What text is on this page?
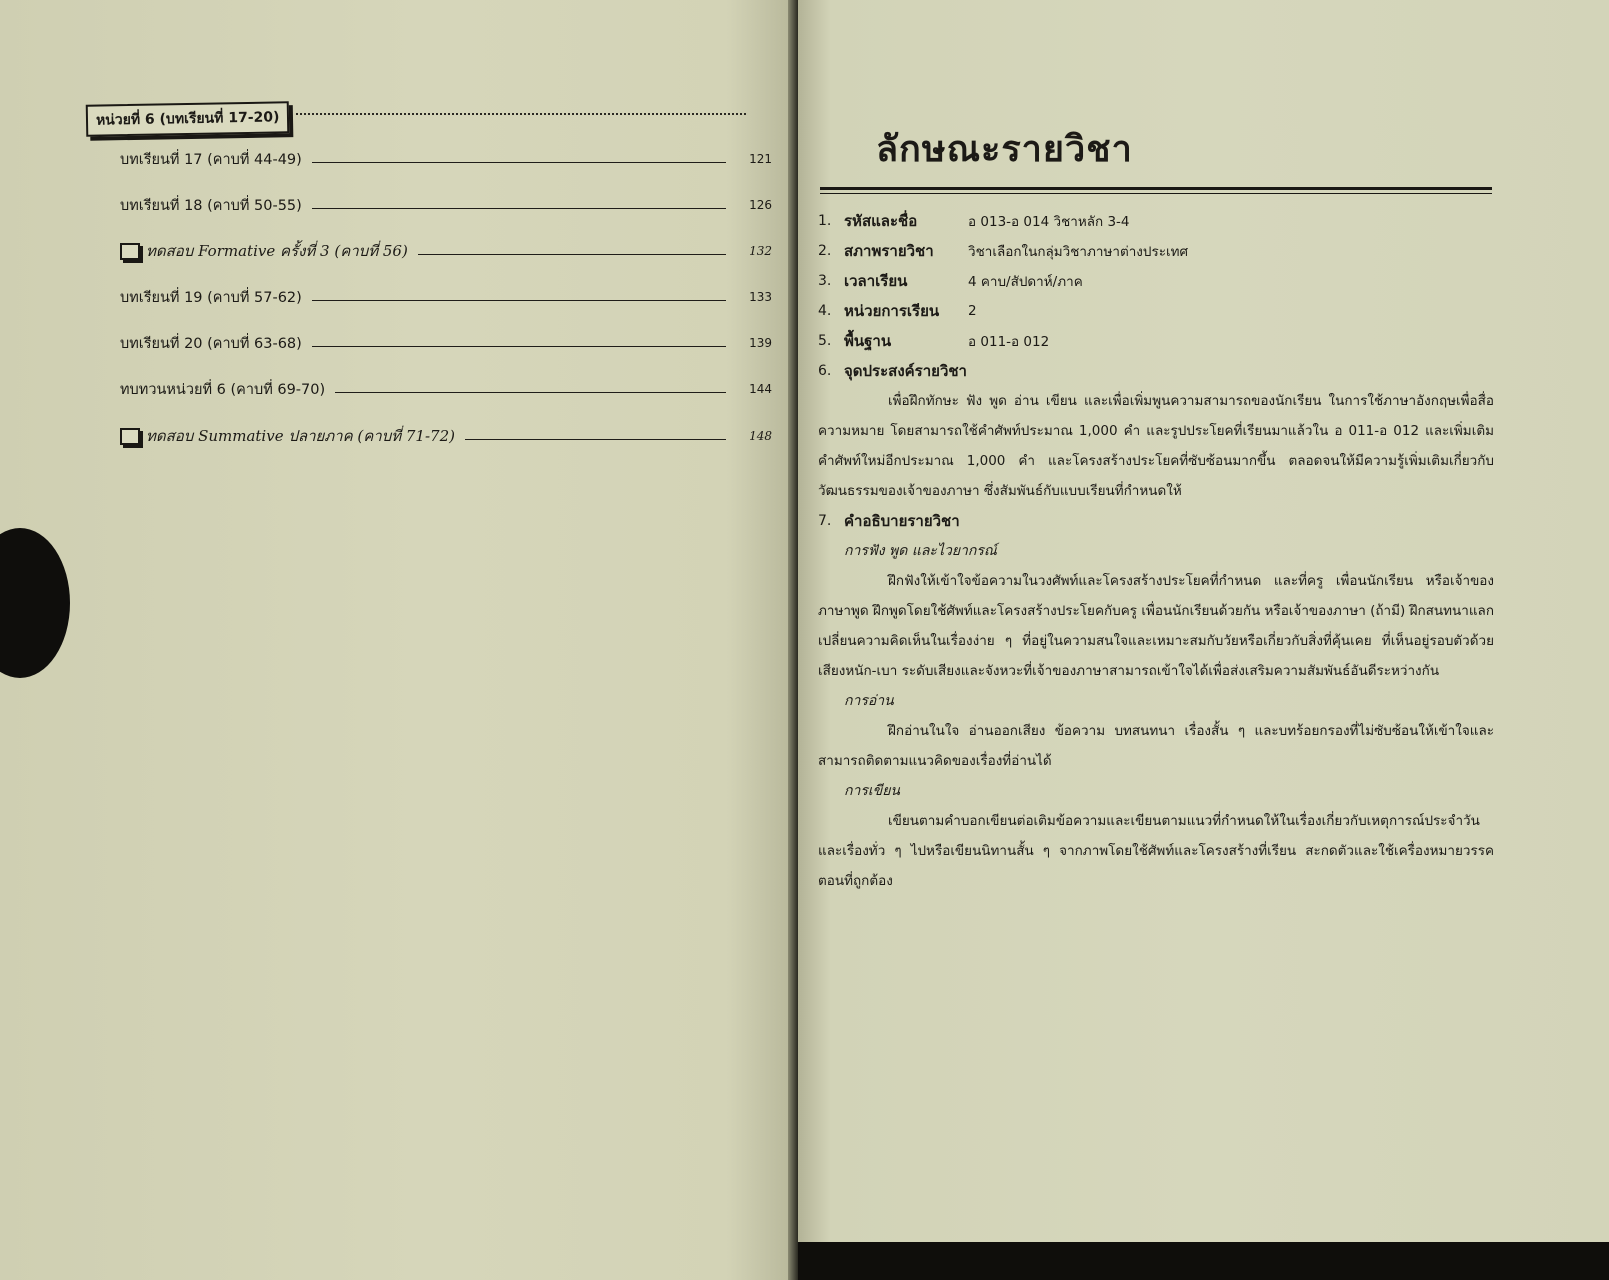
หน่วยที่ 6 (บทเรียนที่ 17-20)
บทเรียนที่ 17 (คาบที่ 44-49)	121
บทเรียนที่ 18 (คาบที่ 50-55)	126
ทดสอบ Formative ครั้งที่ 3 (คาบที่ 56)	132
บทเรียนที่ 19 (คาบที่ 57-62)	133
บทเรียนที่ 20 (คาบที่ 63-68)	139
ทบทวนหน่วยที่ 6 (คาบที่ 69-70)	144
ทดสอบ Summative ปลายภาค (คาบที่ 71-72)	148
ลักษณะรายวิชา
1. รหัสและชื่อ	อ 013-อ 014 วิชาหลัก 3-4
2. สภาพรายวิชา	วิชาเลือกในกลุ่มวิชาภาษาต่างประเทศ
3. เวลาเรียน	4 คาบ/สัปดาห์/ภาค
4. หน่วยการเรียน	2
5. พื้นฐาน	อ 011-อ 012
6. จุดประสงค์รายวิชา

เพื่อฝึกทักษะ ฟัง พูด อ่าน เขียน และเพื่อเพิ่มพูนความสามารถของนักเรียน ในการใช้ภาษาอังกฤษเพื่อสื่อความหมาย โดยสามารถใช้คำศัพท์ประมาณ 1,000 คำ และรูปประโยคที่เรียนมาแล้วใน อ 011-อ 012 และเพิ่มเติมคำศัพท์ใหม่อีกประมาณ 1,000 คำ และโครงสร้างประโยคที่ซับซ้อนมากขึ้น ตลอดจนให้มีความรู้เพิ่มเติมเกี่ยวกับวัฒนธรรมของเจ้าของภาษา ซึ่งสัมพันธ์กับแบบเรียนที่กำหนดให้

7. คำอธิบายรายวิชา
การฟัง พูด และไวยากรณ์

ฝึกฟังให้เข้าใจข้อความในวงศัพท์และโครงสร้างประโยคที่กำหนด และที่ครู เพื่อนนักเรียน หรือเจ้าของภาษาพูด ฝึกพูดโดยใช้ศัพท์และโครงสร้างประโยคกับครู เพื่อนนักเรียนด้วยกัน หรือเจ้าของภาษา (ถ้ามี) ฝึกสนทนาแลกเปลี่ยนความคิดเห็นในเรื่องง่าย ๆ ที่อยู่ในความสนใจและเหมาะสมกับวัยหรือเกี่ยวกับสิ่งที่คุ้นเคย ที่เห็นอยู่รอบตัวด้วยเสียงหนัก-เบา ระดับเสียงและจังหวะที่เจ้าของภาษาสามารถเข้าใจได้เพื่อส่งเสริมความสัมพันธ์อันดีระหว่างกัน

การอ่าน

ฝึกอ่านในใจ อ่านออกเสียง ข้อความ บทสนทนา เรื่องสั้น ๆ และบทร้อยกรองที่ไม่ซับซ้อนให้เข้าใจและสามารถติดตามแนวคิดของเรื่องที่อ่านได้

การเขียน

เขียนตามคำบอกเขียนต่อเติมข้อความและเขียนตามแนวที่กำหนดให้ในเรื่องเกี่ยวกับเหตุการณ์ประจำวันและเรื่องทั่ว ๆ ไปหรือเขียนนิทานสั้น ๆ จากภาพโดยใช้ศัพท์และโครงสร้างที่เรียน สะกดตัวและใช้เครื่องหมายวรรคตอนที่ถูกต้อง
